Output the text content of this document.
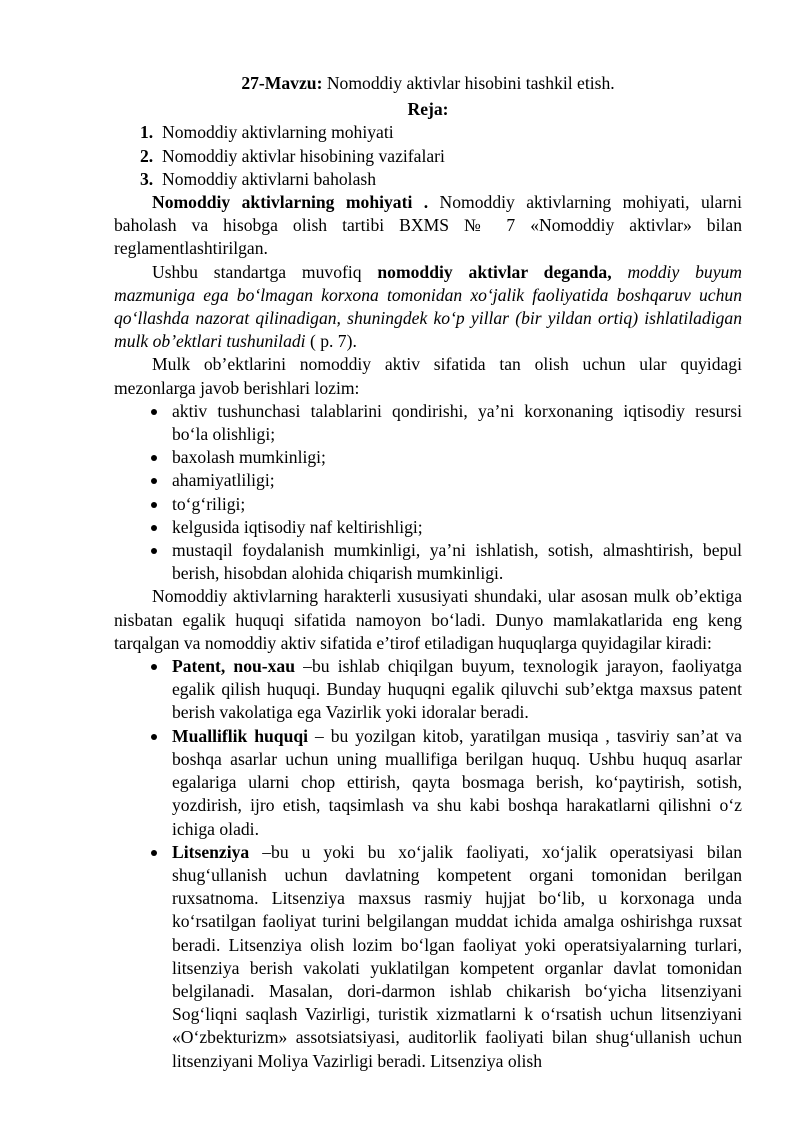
27-Mavzu: Nomoddiy aktivlar hisobini tashkil etish.
Reja:
1. Nomoddiy aktivlarning mohiyati
2. Nomoddiy aktivlar hisobining vazifalari
3. Nomoddiy aktivlarni baholash

Nomoddiy aktivlarning mohiyati . Nomoddiy aktivlarning mohiyati, ularni baholash va hisobga olish tartibi BXMS № 7 «Nomoddiy aktivlar» bilan reglamentlashtirilgan.

Ushbu standartga muvofiq nomoddiy aktivlar deganda, moddiy buyum mazmuniga ega bo‘lmagan korxona tomonidan xo‘jalik faoliyatida boshqaruv uchun qo‘llashda nazorat qilinadigan, shuningdek ko‘p yillar (bir yildan ortiq) ishlatiladigan mulk ob’ektlari tushuniladi ( p. 7).

Mulk ob’ektlarini nomoddiy aktiv sifatida tan olish uchun ular quyidagi mezonlarga javob berishlari lozim:

aktiv tushunchasi talablarini qondirishi, ya’ni korxonaning iqtisodiy resursi bo‘la olishligi;
baxolash mumkinligi;
ahamiyatliligi;
to‘g‘riligi;
kelgusida iqtisodiy naf keltirishligi;
mustaqil foydalanish mumkinligi, ya’ni ishlatish, sotish, almashtirish, bepul berish, hisobdan alohida chiqarish mumkinligi.

Nomoddiy aktivlarning harakterli xususiyati shundaki, ular asosan mulk ob’ektiga nisbatan egalik huquqi sifatida namoyon bo‘ladi. Dunyo mamlakatlarida eng keng tarqalgan va nomoddiy aktiv sifatida e’tirof etiladigan huquqlarga quyidagilar kiradi:

Patent, nou-xau –bu ishlab chiqilgan buyum, texnologik jarayon, faoliyatga egalik qilish huquqi. Bunday huquqni egalik qiluvchi sub’ektga maxsus patent berish vakolatiga ega Vazirlik yoki idoralar beradi.
Mualliflik huquqi – bu yozilgan kitob, yaratilgan musiqa , tasviriy san’at va boshqa asarlar uchun uning muallifiga berilgan huquq. Ushbu huquq asarlar egalariga ularni chop ettirish, qayta bosmaga berish, ko‘paytirish, sotish, yozdirish, ijro etish, taqsimlash va shu kabi boshqa harakatlarni qilishni o‘z ichiga oladi.
Litsenziya –bu u yoki bu xo‘jalik faoliyati, xo‘jalik operatsiyasi bilan shug‘ullanish uchun davlatning kompetent organi tomonidan berilgan ruxsatnoma. Litsenziya maxsus rasmiy hujjat bo‘lib, u korxonaga unda ko‘rsatilgan faoliyat turini belgilangan muddat ichida amalga oshirishga ruxsat beradi. Litsenziya olish lozim bo‘lgan faoliyat yoki operatsiyalarning turlari, litsenziya berish vakolati yuklatilgan kompetent organlar davlat tomonidan belgilanadi. Masalan, dori-darmon ishlab chikarish bo‘yicha litsenziyani Sog‘liqni saqlash Vazirligi, turistik xizmatlarni k o‘rsatish uchun litsenziyani «O‘zbekturizm» assotsiatsiyasi, auditorlik faoliyati bilan shug‘ullanish uchun litsenziyani Moliya Vazirligi beradi. Litsenziya olish
